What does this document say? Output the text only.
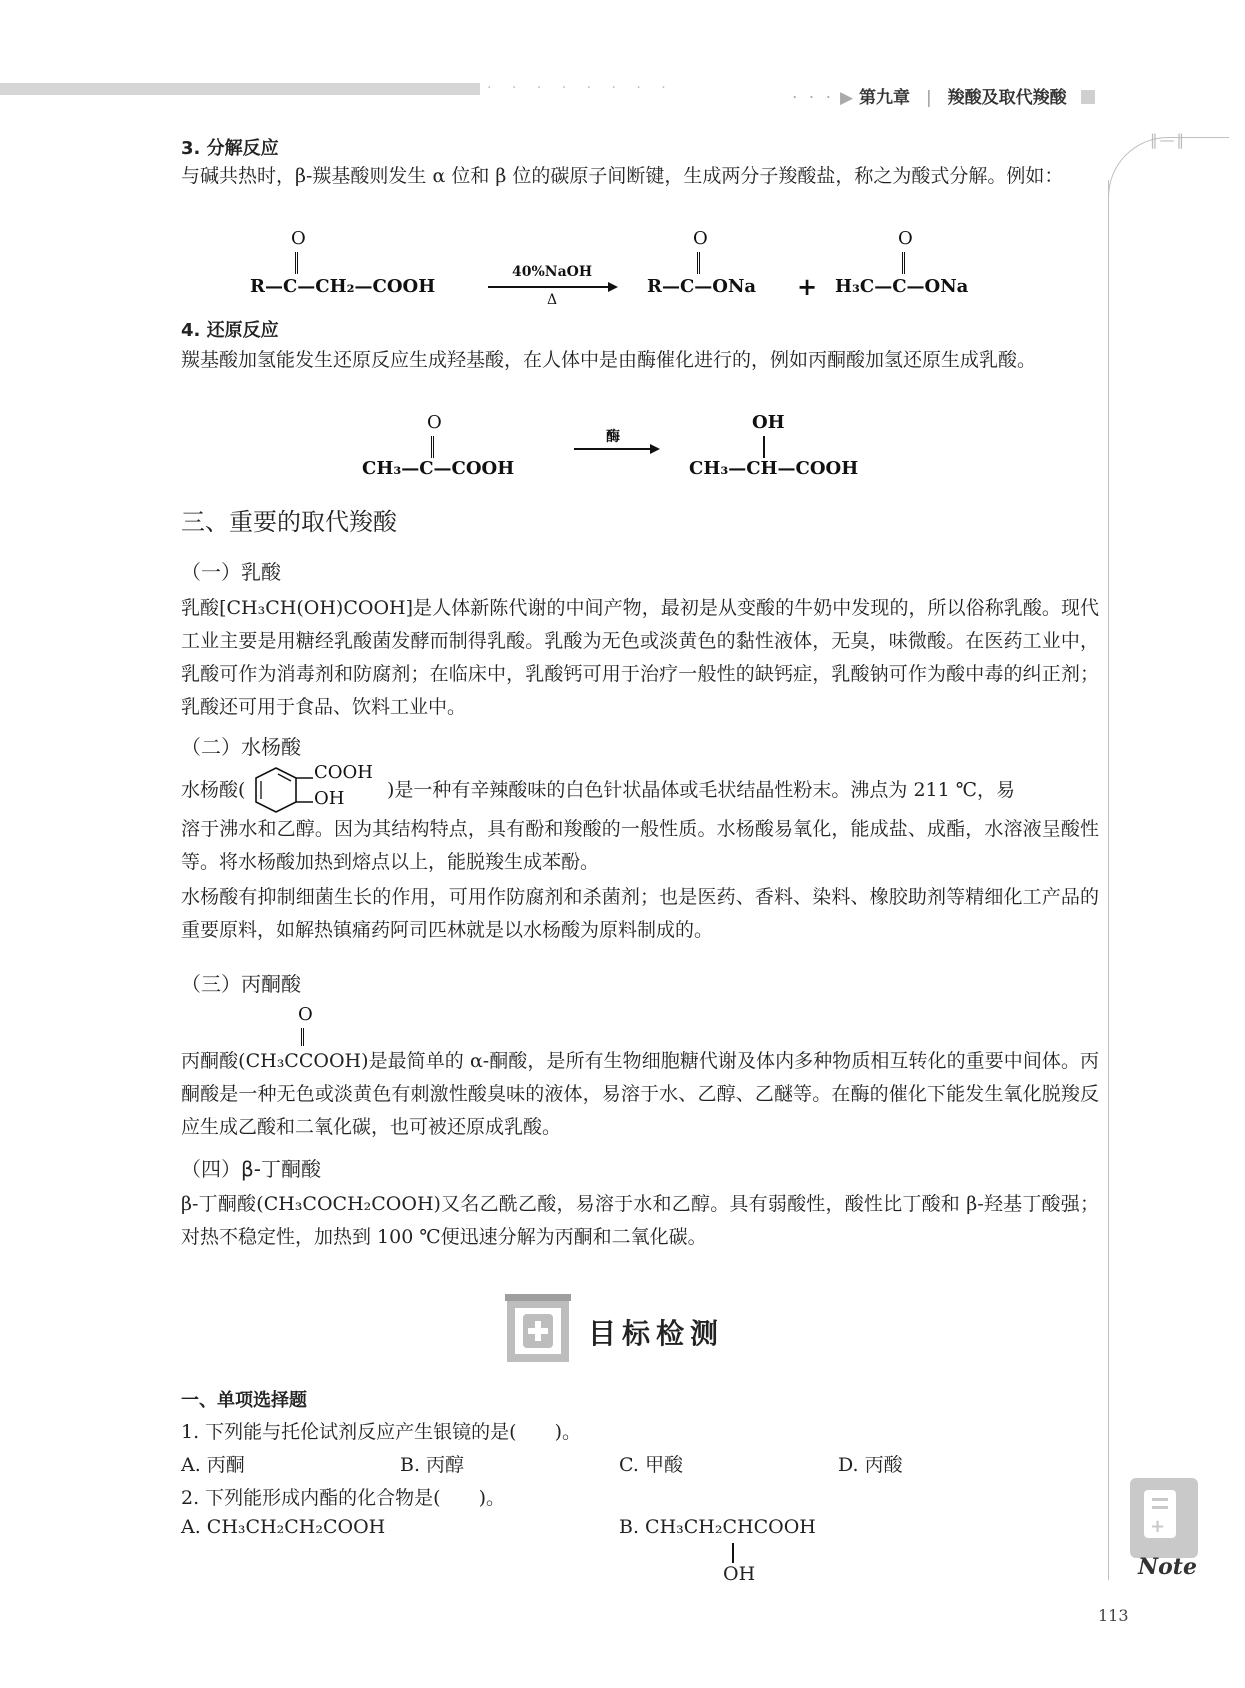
· · · · · · · ·	· · · ▶ 第九章 | 羧酸及取代羧酸
‖—‖
3. 分解反应
与碱共热时，β-羰基酸则发生 α 位和 β 位的碳原子间断键，生成两分子羧酸盐，称之为酸式分解。例如：
O
R—C—CH₂—COOH
40%NaOH
Δ
O
R—C—ONa +
O
H₃C—C—ONa
4. 还原反应
羰基酸加氢能发生还原反应生成羟基酸，在人体中是由酶催化进行的，例如丙酮酸加氢还原生成乳酸。
O
CH₃—C—COOH
酶
OH
CH₃—CH—COOH
三、重要的取代羧酸
（一）乳酸
乳酸[CH₃CH(OH)COOH]是人体新陈代谢的中间产物，最初是从变酸的牛奶中发现的，所以俗称乳酸。现代工业主要是用糖经乳酸菌发酵而制得乳酸。乳酸为无色或淡黄色的黏性液体，无臭，味微酸。在医药工业中，乳酸可作为消毒剂和防腐剂；在临床中，乳酸钙可用于治疗一般性的缺钙症，乳酸钠可作为酸中毒的纠正剂；乳酸还可用于食品、饮料工业中。
（二）水杨酸
水杨酸(
COOH
OH )是一种有辛辣酸味的白色针状晶体或毛状结晶性粉末。沸点为 211 ℃，易
溶于沸水和乙醇。因为其结构特点，具有酚和羧酸的一般性质。水杨酸易氧化，能成盐、成酯，水溶液呈酸性等。将水杨酸加热到熔点以上，能脱羧生成苯酚。
水杨酸有抑制细菌生长的作用，可用作防腐剂和杀菌剂；也是医药、香料、染料、橡胶助剂等精细化工产品的重要原料，如解热镇痛药阿司匹林就是以水杨酸为原料制成的。
（三）丙酮酸
O
丙酮酸(CH₃CCOOH)是最简单的 α-酮酸，是所有生物细胞糖代谢及体内多种物质相互转化的重要中间体。丙酮酸是一种无色或淡黄色有刺激性酸臭味的液体，易溶于水、乙醇、乙醚等。在酶的催化下能发生氧化脱羧反应生成乙酸和二氧化碳，也可被还原成乳酸。
（四）β-丁酮酸
β-丁酮酸(CH₃COCH₂COOH)又名乙酰乙酸，易溶于水和乙醇。具有弱酸性，酸性比丁酸和 β-羟基丁酸强；对热不稳定性，加热到 100 ℃便迅速分解为丙酮和二氧化碳。
目标检测
一、单项选择题
1. 下列能与托伦试剂反应产生银镜的是(　　)。
A. 丙酮	B. 丙醇	C. 甲酸	D. 丙酸
2. 下列能形成内酯的化合物是(　　)。
A. CH₃CH₂CH₂COOH	B. CH₃CH₂CHCOOH
OH
+
Note
113
